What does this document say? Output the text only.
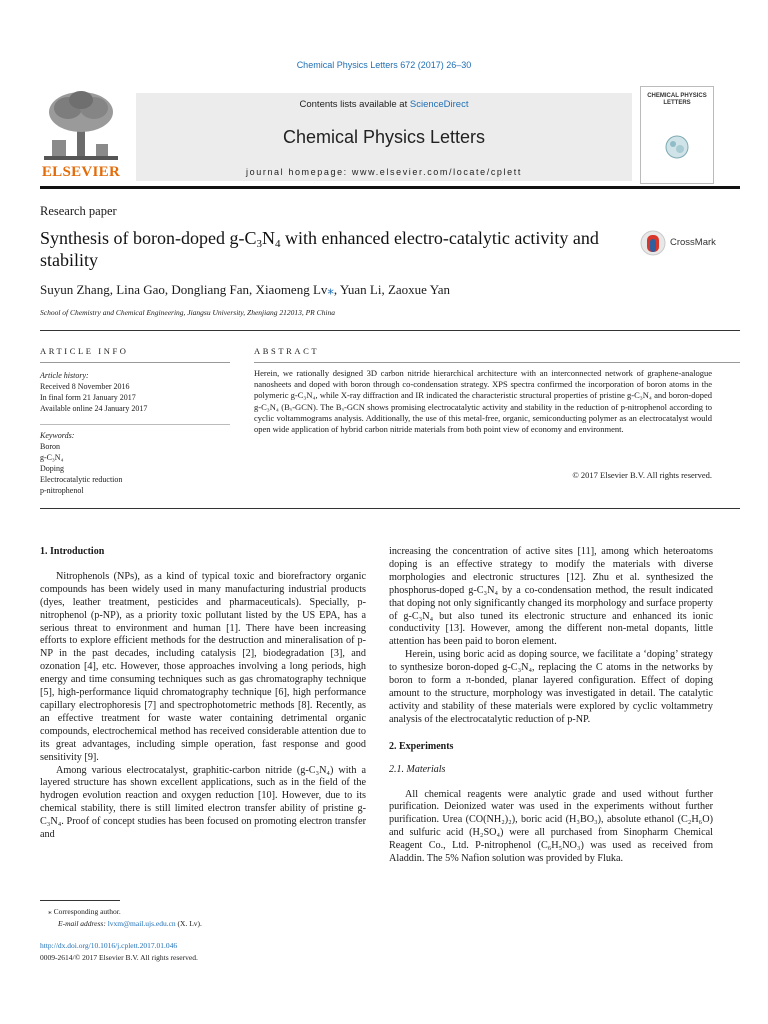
Chemical Physics Letters 672 (2017) 26–30
ELSEVIER
Contents lists available at ScienceDirect
Chemical Physics Letters
journal homepage: www.elsevier.com/locate/cplett
CHEMICAL PHYSICS LETTERS
Research paper
Synthesis of boron-doped $g-C_3N_4$ with enhanced electro-catalytic activity and stability
CrossMark
Suyun Zhang, Lina Gao, Dongliang Fan, Xiaomeng Lv⁎, Yuan Li, Zaoxue Yan
School of Chemistry and Chemical Engineering, Jiangsu University, Zhenjiang 212013, PR China
ARTICLE INFO
Article history:
Received 8 November 2016
In final form 21 January 2017
Available online 24 January 2017
Keywords:
Boron
g-C₃N₄
Doping
Electrocatalytic reduction
p-nitrophenol
ABSTRACT
Herein, we rationally designed 3D carbon nitride hierarchical architecture with an interconnected network of graphene-analogue nanosheets and doped with boron through co-condensation strategy. XPS spectra confirmed the incorporation of boron atoms in the polymeric g-C₃N₄, while X-ray diffraction and IR indicated the characteristic structural properties of pristine g-C₃N₄ and boron-doped g-C₃N₄ (Bₓ-GCN). The Bₓ-GCN shows promising electrocatalytic activity and stability in the reduction of p-nitrophenol according to cyclic voltammograms analysis. Additionally, the use of this metal-free, organic, semiconducting polymer as an electrocatalyst would open wide application of hybrid carbon nitride materials from both point view of economy and environment.
© 2017 Elsevier B.V. All rights reserved.

1. Introduction

Nitrophenols (NPs), as a kind of typical toxic and biorefractory organic compounds has been widely used in many manufacturing industrial products (dyes, leather treatment, pesticides and pharmaceuticals). Specially, p-nitrophenol (p-NP), as a priority toxic pollutant listed by the US EPA, has a serious threat to environment and human [1]. There have been increasing efforts to explore efficient methods for the destruction and mineralisation of p-NP in the past decades, including catalysis [2], biodegradation [3], and ozonation [4], etc. However, those approaches involving a long periods, high energy and time consuming techniques such as gas chromatography technique [5], high-performance liquid chromatography technique [6], high performance capillary electrophoresis [7] and spectrophotometric methods [8]. Recently, as an effective treatment for waste water containing detrimental organic compounds, electrochemical method has received considerable attention due to its great advantages, including simple operation, fast response and good sensitivity [9].

Among various electrocatalyst, graphitic-carbon nitride (g-C₃N₄) with a layered structure has shown excellent applications, such as in the field of the hydrogen evolution reaction and oxygen reduction [10]. However, due to its chemical stability, there is still limited electron transfer ability of pristine g-C₃N₄. Proof of concept studies has been focused on promoting electron transfer and

increasing the concentration of active sites [11], among which heteroatoms doping is an effective strategy to modify the materials with diverse morphologies and electronic structures [12]. Zhu et al. synthesized the phosphorus-doped g-C₃N₄ by a co-condensation method, the result indicated that doping not only significantly changed its morphology and surface property of g-C₃N₄ but also tuned its electronic structure and enhanced its ionic conductivity [13]. However, among the different non-metal dopants, little attention has been paid to boron element.

Herein, using boric acid as doping source, we facilitate a ‘doping’ strategy to synthesize boron-doped g-C₃N₄, replacing the C atoms in the networks by boron to form a π-bonded, planar layered configuration. Effect of doping amount to the structure, morphology was investigated in detail. The catalytic activity and stability of these materials were explored by cyclic voltammetry analysis of the electrocatalytic reduction of p-NP.

2. Experiments

2.1. Materials

All chemical reagents were analytic grade and used without further purification. Deionized water was used in the experiments without further purification. Urea (CO(NH₂)₂), boric acid (H₃BO₃), absolute ethanol (C₂H₆O) and sulfuric acid (H₂SO₄) were all purchased from Sinopharm Chemical Reagent Co., Ltd. P-nitrophenol (C₆H₅NO₃) was used as received from Aladdin. The 5% Nafion solution was provided by Fluka.

⁎ Corresponding author.
E-mail address: lvxm@mail.ujs.edu.cn (X. Lv).
http://dx.doi.org/10.1016/j.cplett.2017.01.046
0009-2614/© 2017 Elsevier B.V. All rights reserved.
